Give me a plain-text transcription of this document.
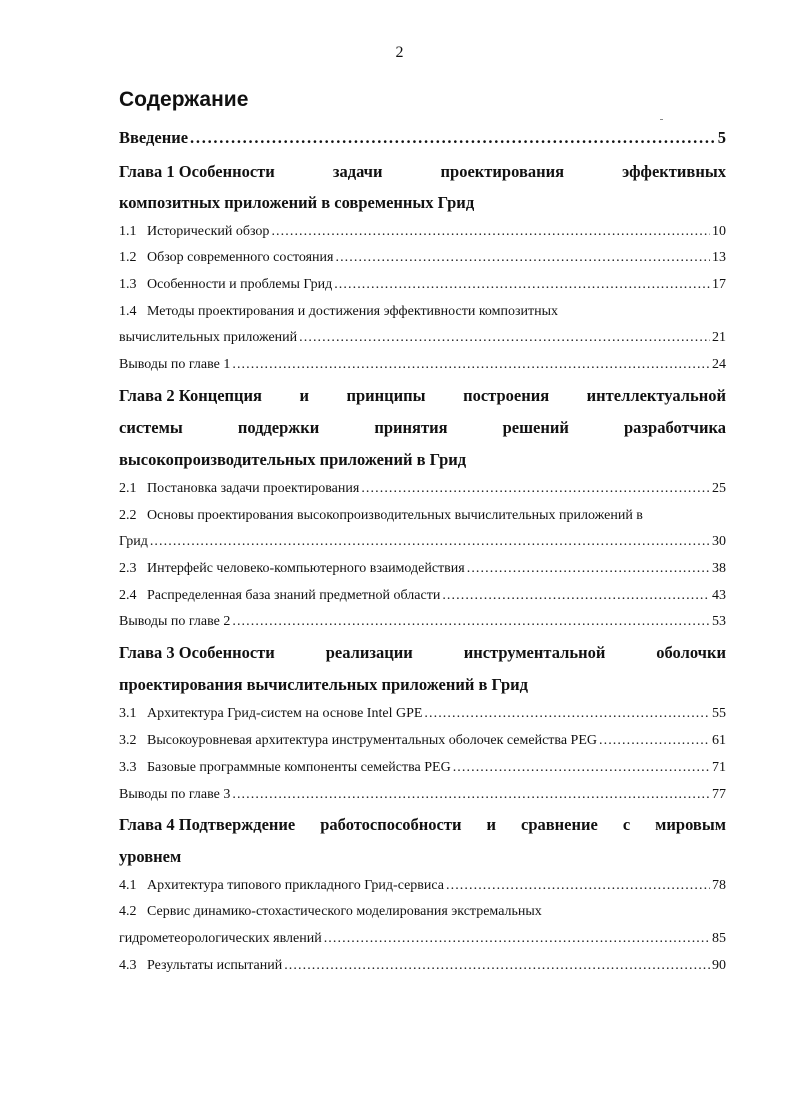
2
Содержание
Введение . . .	5
Глава 1 Особенности	задачи	проектирования	эффективных
композитных приложений в современных Грид
1.1 Исторический обзор . . .	10
1.2 Обзор современного состояния . . .	13
1.3 Особенности и проблемы Грид . . .	17
1.4 Методы проектирования и достижения эффективности композитных
вычислительных приложений . . .	21
Выводы по главе 1 . . .	24
Глава 2 Концепция и принципы построения интеллектуальной
системы	поддержки	принятия	решений	разработчика
высокопроизводительных приложений в Грид
2.1 Постановка задачи проектирования . . .	25
2.2 Основы проектирования высокопроизводительных вычислительных приложений в
Грид . . .	30
2.3 Интерфейс человеко-компьютерного взаимодействия . . .	38
2.4 Распределенная база знаний предметной области . . .	43
Выводы по главе 2 . . .	53
Глава 3 Особенности	реализации	инструментальной	оболочки
проектирования вычислительных приложений в Грид
3.1 Архитектура Грид-систем на основе Intel GPE . . .	55
3.2 Высокоуровневая архитектура инструментальных оболочек семейства PEG . . .	61
3.3 Базовые программные компоненты семейства PEG . . .	71
Выводы по главе 3 . . .	77
Глава 4 Подтверждение работоспособности и сравнение с мировым
уровнем
4.1 Архитектура типового прикладного Грид-сервиса . . .	78
4.2 Сервис динамико-стохастического моделирования экстремальных
гидрометеорологических явлений . . .	85
4.3 Результаты испытаний . . .	90
